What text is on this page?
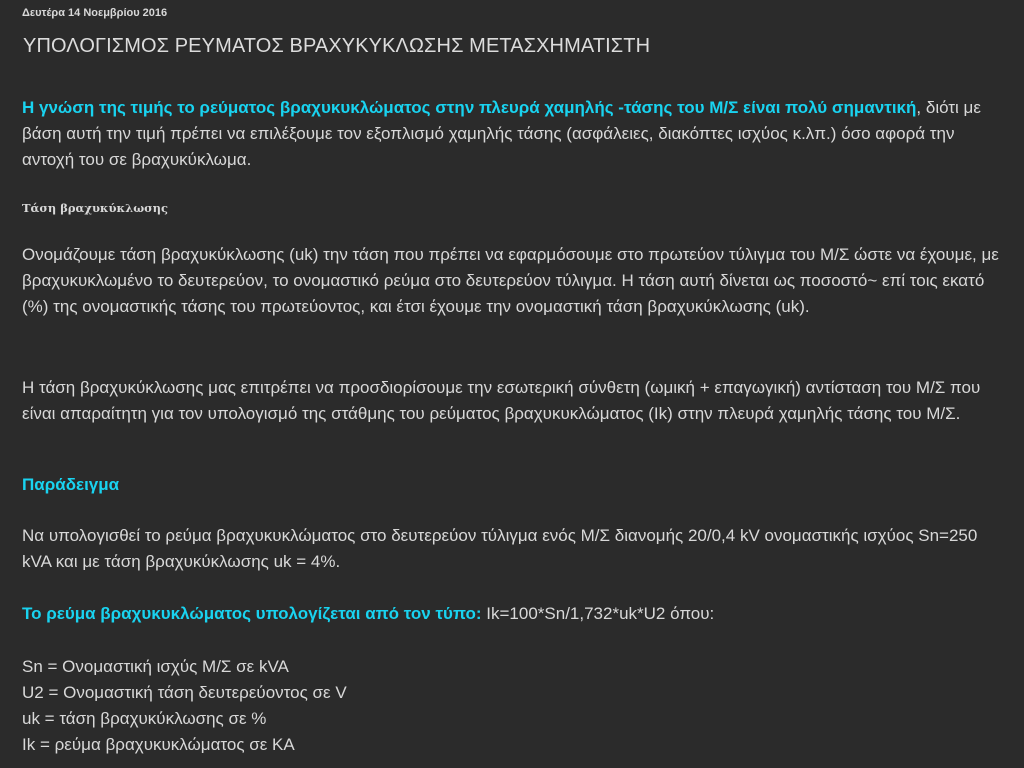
Δευτέρα 14 Νοεμβρίου 2016
ΥΠΟΛΟΓΙΣΜΟΣ ΡΕΥΜΑΤΟΣ ΒΡΑΧΥΚΥΚΛΩΣΗΣ ΜΕΤΑΣΧΗΜΑΤΙΣΤΗ
Η γνώση της τιμής το ρεύματος βραχυκυκλώματος στην πλευρά χαμηλής -τάσης του Μ/Σ είναι πολύ σημαντική, διότι με βάση αυτή την τιμή πρέπει να επιλέξουμε τον εξοπλισμό χαμηλής τάσης (ασφάλειες, διακόπτες ισχύος κ.λπ.) όσο αφορά την αντοχή του σε βραχυκύκλωμα.
Τάση βραχυκύκλωσης
Ονομάζουμε τάση βραχυκύκλωσης (uk) την τάση που πρέπει να εφαρμόσουμε στο πρωτεύον τύλιγμα του Μ/Σ ώστε να έχουμε, με βραχυκυκλωμένο το δευτερεύον, το ονομαστικό ρεύμα στο δευτερεύον τύλιγμα. Η τάση αυτή δίνεται ως ποσοστό~ επί τοις εκατό (%) της ονομαστικής τάσης του πρωτεύοντος, και έτσι έχουμε την ονομαστική τάση βραχυκύκλωσης (uk).
Η τάση βραχυκύκλωσης μας επιτρέπει να προσδιορίσουμε την εσωτερική σύνθετη (ωμική + επαγωγική) αντίσταση του Μ/Σ που είναι απαραίτητη για τον υπολογισμό της στάθμης του ρεύματος βραχυκυκλώματος (Ik) στην πλευρά χαμηλής τάσης του Μ/Σ.
Παράδειγμα
Να υπολογισθεί το ρεύμα βραχυκυκλώματος στο δευτερεύον τύλιγμα ενός Μ/Σ διανομής 20/0,4 kV ονομαστικής ισχύος Sn=250 kVA και με τάση βραχυκύκλωσης uk = 4%.
Το ρεύμα βραχυκυκλώματος υπολογίζεται από τον τύπο: Ik=100*Sn/1,732*uk*U2 όπου:
Sn = Ονομαστική ισχύς Μ/Σ σε kVA
U2 = Ονομαστική τάση δευτερεύοντος σε V
uk = τάση βραχυκύκλωσης σε %
Ik = ρεύμα βραχυκυκλώματος σε ΚΑ
